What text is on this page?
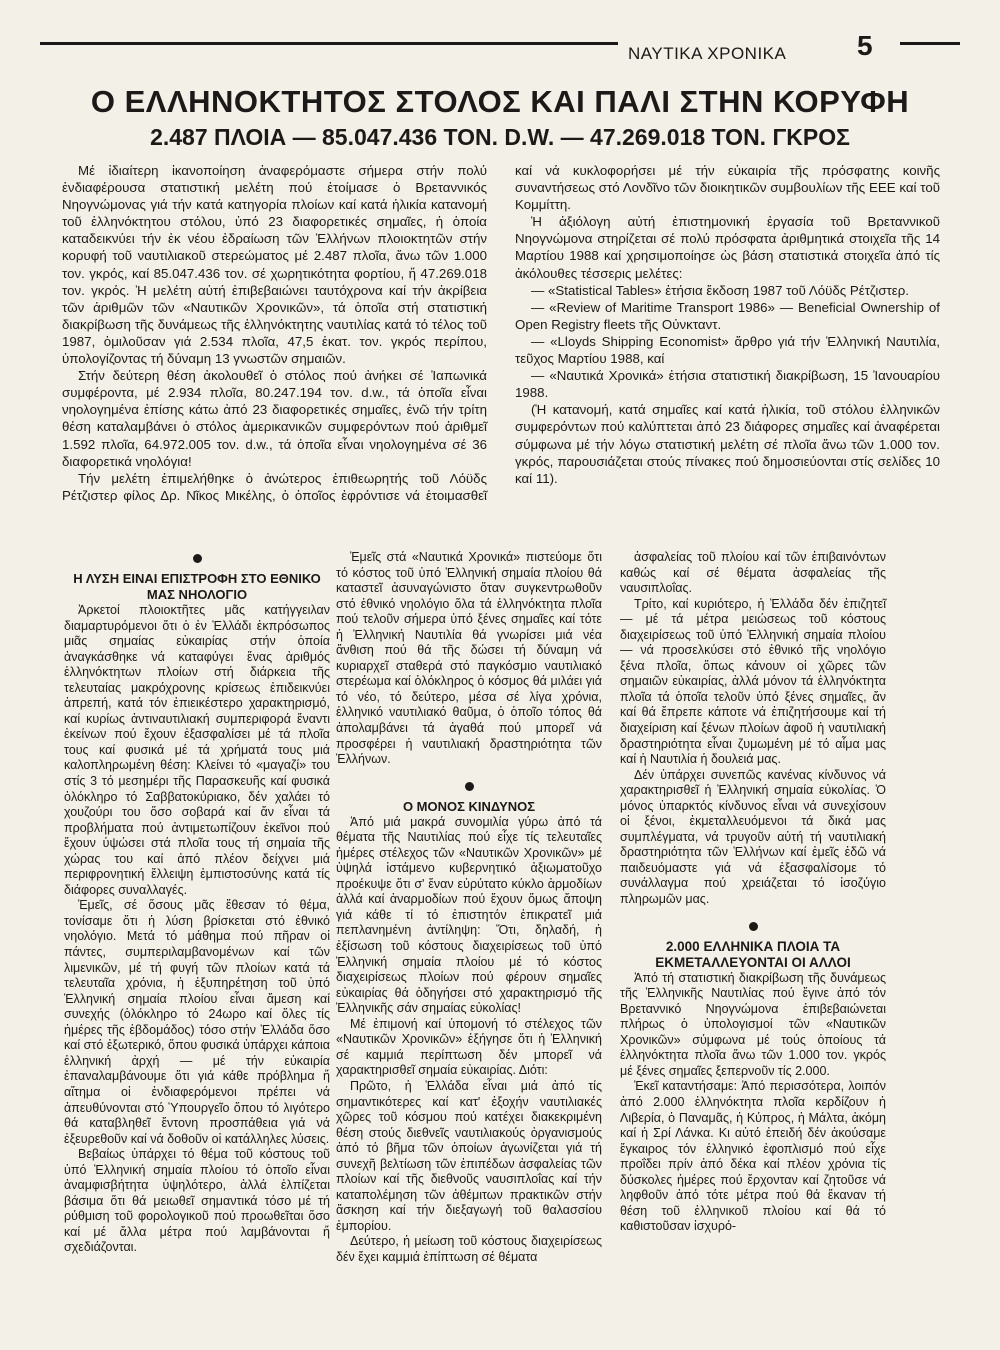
ΝΑΥΤΙΚΑ ΧΡΟΝΙΚΑ	5
Ο ΕΛΛΗΝΟΚΤΗΤΟΣ ΣΤΟΛΟΣ ΚΑΙ ΠΑΛΙ ΣΤΗΝ ΚΟΡΥΦΗ
2.487 ΠΛΟΙΑ — 85.047.436 ΤΟΝ. D.W. — 47.269.018 ΤΟΝ. ΓΚΡΟΣ

Μέ ἰδιαίτερη ἱκανοποίηση ἀναφερόμαστε σήμερα στήν πολύ ἐνδιαφέρουσα στατιστική μελέτη πού ἑτοίμασε ὁ Βρεταννικός Νηογνώμονας γιά τήν κατά κατηγορία πλοίων καί κατά ἡλικία κατανομή τοῦ ἑλληνόκτητου στόλου, ὑπό 23 διαφορετικές σημαῖες, ἡ ὁποία καταδεικνύει τήν ἐκ νέου ἐδραίωση τῶν Ἑλλήνων πλοιοκτητῶν στήν κορυφή τοῦ ναυτιλιακοῦ στερεώματος μέ 2.487 πλοῖα, ἄνω τῶν 1.000 τον. γκρός, καί 85.047.436 τον. σέ χωρητικότητα φορτίου, ἤ 47.269.018 τον. γκρός. Ἡ μελέτη αὐτή ἐπιβεβαιώνει ταυτόχρονα καί τήν ἀκρίβεια τῶν ἀριθμῶν τῶν «Ναυτικῶν Χρονικῶν», τά ὁποῖα στή στατιστική διακρίβωση τῆς δυνάμεως τῆς ἑλληνόκτητης ναυτιλίας κατά τό τέλος τοῦ 1987, ὁμιλοῦσαν γιά 2.534 πλοῖα, 47,5 ἑκατ. τον. γκρός περίπου, ὑπολογίζοντας τή δύναμη 13 γνωστῶν σημαιῶν.

Στήν δεύτερη θέση ἀκολουθεῖ ὁ στόλος πού ἀνήκει σέ Ἰαπωνικά συμφέροντα, μέ 2.934 πλοῖα, 80.247.194 τον. d.w., τά ὁποῖα εἶναι νηολογημένα ἐπίσης κάτω ἀπό 23 διαφορετικές σημαῖες, ἐνῶ τήν τρίτη θέση καταλαμβάνει ὁ στόλος ἀμερικανικῶν συμφερόντων πού ἀριθμεῖ 1.592 πλοῖα, 64.972.005 τον. d.w., τά ὁποῖα εἶναι νηολογημένα σέ 36 διαφορετικά νηολόγια!

Τήν μελέτη ἐπιμελήθηκε ὁ ἀνώτερος ἐπιθεωρητής τοῦ Λόϋδς Ρέτζιστερ φίλος Δρ. Νῖκος Μικέλης, ὁ ὁποῖος ἐφρόντισε νά ἑτοιμασθεῖ καί νά κυκλοφορήσει μέ τήν εὐκαιρία τῆς πρόσφατης κοινῆς συναντήσεως στό Λονδῖνο τῶν διοικητικῶν συμβουλίων τῆς ΕΕΕ καί τοῦ Κομμίττη.

Ἡ ἀξιόλογη αὐτή ἐπιστημονική ἐργασία τοῦ Βρεταννικοῦ Νηογνώμονα στηρίζεται σέ πολύ πρόσφατα ἀριθμητικά στοιχεῖα τῆς 14 Μαρτίου 1988 καί χρησιμοποίησε ὡς βάση στατιστικά στοιχεῖα ἀπό τίς ἀκόλουθες τέσσερις μελέτες:

— «Statistical Tables» ἐτήσια ἔκδοση 1987 τοῦ Λόϋδς Ρέτζιστερ.

— «Review of Maritime Transport 1986» — Beneficial Ownership of Open Registry fleets τῆς Οὐνκταντ.

— «Lloyds Shipping Economist» ἄρθρο γιά τήν Ἑλληνική Ναυτιλία, τεῦχος Μαρτίου 1988, καί

— «Ναυτικά Χρονικά» ἐτήσια στατιστική διακρίβωση, 15 Ἰανουαρίου 1988.

(Ἡ κατανομή, κατά σημαῖες καί κατά ἡλικία, τοῦ στόλου ἑλληνικῶν συμφερόντων πού καλύπτεται ἀπό 23 διάφορες σημαῖες καί ἀναφέρεται σύμφωνα μέ τήν λόγω στατιστική μελέτη σέ πλοῖα ἄνω τῶν 1.000 τον. γκρός, παρουσιάζεται στούς πίνακες πού δημοσιεύονται στίς σελίδες 10 καί 11).

Η ΛΥΣΗ ΕΙΝΑΙ ΕΠΙΣΤΡΟΦΗ ΣΤΟ ΕΘΝΙΚΟ ΜΑΣ ΝΗΟΛΟΓΙΟ

Ἀρκετοί πλοιοκτῆτες μᾶς κατήγγειλαν διαμαρτυρόμενοι ὅτι ὁ ἐν Ἑλλάδι ἐκπρόσωπος μιᾶς σημαίας εὐκαιρίας στήν ὁποία ἀναγκάσθηκε νά καταφύγει ἕνας ἀριθμός ἑλληνόκτητων πλοίων στή διάρκεια τῆς τελευταίας μακρόχρονης κρίσεως ἐπιδεικνύει ἀπρεπή, κατά τόν ἐπιεικέστερο χαρακτηρισμό, καί κυρίως ἀντιναυτιλιακή συμπεριφορά ἔναντι ἐκείνων πού ἔχουν ἐξασφαλίσει μέ τά πλοῖα τους καί φυσικά μέ τά χρήματά τους μιά καλοπληρωμένη θέση: Κλείνει τό «μαγαζί» του στίς 3 τό μεσημέρι τῆς Παρασκευῆς καί φυσικά ὁλόκληρο τό Σαββατοκύριακο, δέν χαλάει τό χουζούρι του ὅσο σοβαρά καί ἄν εἶναι τά προβλήματα πού ἀντιμετωπίζουν ἐκεῖνοι πού ἔχουν ὑψώσει στά πλοῖα τους τή σημαία τῆς χώρας του καί ἀπό πλέον δείχνει μιά περιφρονητική ἔλλειψη ἐμπιστοσύνης κατά τίς διάφορες συναλλαγές.

Ἐμεῖς, σέ ὅσους μᾶς ἔθεσαν τό θέμα, τονίσαμε ὅτι ἡ λύση βρίσκεται στό ἐθνικό νηολόγιο. Μετά τό μάθημα πού πῆραν οἱ πάντες, συμπεριλαμβανομένων καί τῶν λιμενικῶν, μέ τή φυγή τῶν πλοίων κατά τά τελευταῖα χρόνια, ἡ ἐξυπηρέτηση τοῦ ὑπό Ἑλληνική σημαία πλοίου εἶναι ἄμεση καί συνεχής (ὁλόκληρο τό 24ωρο καί ὅλες τίς ἡμέρες τῆς ἑβδομάδος) τόσο στήν Ἑλλάδα ὅσο καί στό ἐξωτερικό, ὅπου φυσικά ὑπάρχει κάποια ἑλληνική ἀρχή — μέ τήν εὐκαιρία ἐπαναλαμβάνουμε ὅτι γιά κάθε πρόβλημα ἤ αἴτημα οἱ ἐνδιαφερόμενοι πρέπει νά ἀπευθύνονται στό Ὑπουργεῖο ὅπου τό λιγότερο θά καταβληθεῖ ἔντονη προσπάθεια γιά νά ἐξευρεθοῦν καί νά δοθοῦν οἱ κατάλληλες λύσεις.

Βεβαίως ὑπάρχει τό θέμα τοῦ κόστους τοῦ ὑπό Ἑλληνική σημαία πλοίου τό ὁποῖο εἶναι ἀναμφισβήτητα ὑψηλότερο, ἀλλά ἐλπίζεται βάσιμα ὅτι θά μειωθεῖ σημαντικά τόσο μέ τή ρύθμιση τοῦ φορολογικοῦ πού προωθεῖται ὅσο καί μέ ἄλλα μέτρα πού λαμβάνονται ἤ σχεδιάζονται.

Ἐμεῖς στά «Ναυτικά Χρονικά» πιστεύομε ὅτι τό κόστος τοῦ ὑπό Ἑλληνική σημαία πλοίου θά καταστεῖ ἀσυναγώνιστο ὅταν συγκεντρωθοῦν στό ἐθνικό νηολόγιο ὅλα τά ἑλληνόκτητα πλοῖα πού τελοῦν σήμερα ὑπό ξένες σημαῖες καί τότε ἡ Ἑλληνική Ναυτιλία θά γνωρίσει μιά νέα ἄνθιση πού θά τῆς δώσει τή δύναμη νά κυριαρχεῖ σταθερά στό παγκόσμιο ναυτιλιακό στερέωμα καί ὁλόκληρος ὁ κόσμος θά μιλάει γιά τό νέο, τό δεύτερο, μέσα σέ λίγα χρόνια, ἑλληνικό ναυτιλιακό θαῦμα, ὁ ὁποῖο τόπος θά ἀπολαμβάνει τά ἀγαθά πού μπορεῖ νά προσφέρει ἡ ναυτιλιακή δραστηριότητα τῶν Ἑλλήνων.

Ο ΜΟΝΟΣ ΚΙΝΔΥΝΟΣ

Ἀπό μιά μακρά συνομιλία γύρω ἀπό τά θέματα τῆς Ναυτιλίας πού εἶχε τίς τελευταῖες ἡμέρες στέλεχος τῶν «Ναυτικῶν Χρονικῶν» μέ ὑψηλά ἱστάμενο κυβερνητικό ἀξιωματοῦχο προέκυψε ὅτι σ' ἕναν εὐρύτατο κύκλο ἁρμοδίων ἀλλά καί ἀναρμοδίων πού ἔχουν ὅμως ἄποψη γιά κάθε τί τό ἐπιστητόν ἐπικρατεῖ μιά πεπλανημένη ἀντίληψη: Ὅτι, δηλαδή, ἡ ἐξίσωση τοῦ κόστους διαχειρίσεως τοῦ ὑπό Ἑλληνική σημαία πλοίου μέ τό κόστος διαχειρίσεως πλοίων πού φέρουν σημαῖες εὐκαιρίας θά ὁδηγήσει στό χαρακτηρισμό τῆς Ἑλληνικῆς σάν σημαίας εὐκολίας!

Μέ ἐπιμονή καί ὑπομονή τό στέλεχος τῶν «Ναυτικῶν Χρονικῶν» ἐξήγησε ὅτι ἡ Ἑλληνική σέ καμμιά περίπτωση δέν μπορεῖ νά χαρακτηρισθεῖ σημαία εὐκαιρίας. Διότι:

Πρῶτο, ἡ Ἑλλάδα εἶναι μιά ἀπό τίς σημαντικότερες καί κατ' ἐξοχήν ναυτιλιακές χῶρες τοῦ κόσμου πού κατέχει διακεκριμένη θέση στούς διεθνεῖς ναυτιλιακούς ὀργανισμούς ἀπό τό βῆμα τῶν ὁποίων ἀγωνίζεται γιά τή συνεχῆ βελτίωση τῶν ἐπιπέδων ἀσφαλείας τῶν πλοίων καί τῆς διεθνοῦς ναυσιπλοΐας καί τήν καταπολέμηση τῶν ἀθέμιτων πρακτικῶν στήν ἄσκηση καί τήν διεξαγωγή τοῦ θαλασσίου ἐμπορίου.

Δεύτερο, ἡ μείωση τοῦ κόστους διαχειρίσεως δέν ἔχει καμμιά ἐπίπτωση σέ θέματα

ἀσφαλείας τοῦ πλοίου καί τῶν ἐπιβαινόντων καθώς καί σέ θέματα ἀσφαλείας τῆς ναυσιπλοΐας.

Τρίτο, καί κυριότερο, ἡ Ἑλλάδα δέν ἐπιζητεῖ — μέ τά μέτρα μειώσεως τοῦ κόστους διαχειρίσεως τοῦ ὑπό Ἑλληνική σημαία πλοίου — νά προσελκύσει στό ἐθνικό τῆς νηολόγιο ξένα πλοῖα, ὅπως κάνουν οἱ χῶρες τῶν σημαιῶν εὐκαιρίας, ἀλλά μόνον τά ἑλληνόκτητα πλοῖα τά ὁποῖα τελοῦν ὑπό ξένες σημαῖες, ἄν καί θά ἔπρεπε κάποτε νά ἐπιζητήσουμε καί τή διαχείριση καί ξένων πλοίων ἀφοῦ ἡ ναυτιλιακή δραστηριότητα εἶναι ζυμωμένη μέ τό αἷμα μας καί ἡ Ναυτιλία ἡ δουλειά μας.

Δέν ὑπάρχει συνεπῶς κανένας κίνδυνος νά χαρακτηρισθεῖ ἡ Ἑλληνική σημαία εὐκολίας. Ὁ μόνος ὑπαρκτός κίνδυνος εἶναι νά συνεχίσουν οἱ ξένοι, ἐκμεταλλευόμενοι τά δικά μας συμπλέγματα, νά τρυγοῦν αὐτή τή ναυτιλιακή δραστηριότητα τῶν Ἑλλήνων καί ἐμεῖς ἐδῶ νά παιδευόμαστε γιά νά ἐξασφαλίσομε τό συνάλλαγμα πού χρειάζεται τό ἰσοζύγιο πληρωμῶν μας.

2.000 ΕΛΛΗΝΙΚΑ ΠΛΟΙΑ ΤΑ ΕΚΜΕΤΑΛΛΕΥΟΝΤΑΙ ΟΙ ΑΛΛΟΙ

Ἀπό τή στατιστική διακρίβωση τῆς δυνάμεως τῆς Ἑλληνικῆς Ναυτιλίας πού ἔγινε ἀπό τόν Βρεταννικό Νηογνώμονα ἐπιβεβαιώνεται πλήρως ὁ ὑπολογισμοί τῶν «Ναυτικῶν Χρονικῶν» σύμφωνα μέ τούς ὁποίους τά ἑλληνόκτητα πλοῖα ἄνω τῶν 1.000 τον. γκρός μέ ξένες σημαῖες ξεπερνοῦν τίς 2.000.

Ἐκεῖ καταντήσαμε: Ἀπό περισσότερα, λοιπόν ἀπό 2.000 ἑλληνόκτητα πλοῖα κερδίζουν ἡ Λιβερία, ὁ Παναμᾶς, ἡ Κύπρος, ἡ Μάλτα, ἀκόμη καί ἡ Σρί Λάνκα. Κι αὐτό ἐπειδή δέν ἀκούσαμε ἔγκαιρος τόν ἑλληνικό ἐφοπλισμό πού εἶχε προΐδει πρίν ἀπό δέκα καί πλέον χρόνια τίς δύσκολες ἡμέρες πού ἔρχονταν καί ζητοῦσε νά ληφθοῦν ἀπό τότε μέτρα πού θά ἔκαναν τή θέση τοῦ ἑλληνικοῦ πλοίου καί θά τό καθιστοῦσαν ἰσχυρό-
